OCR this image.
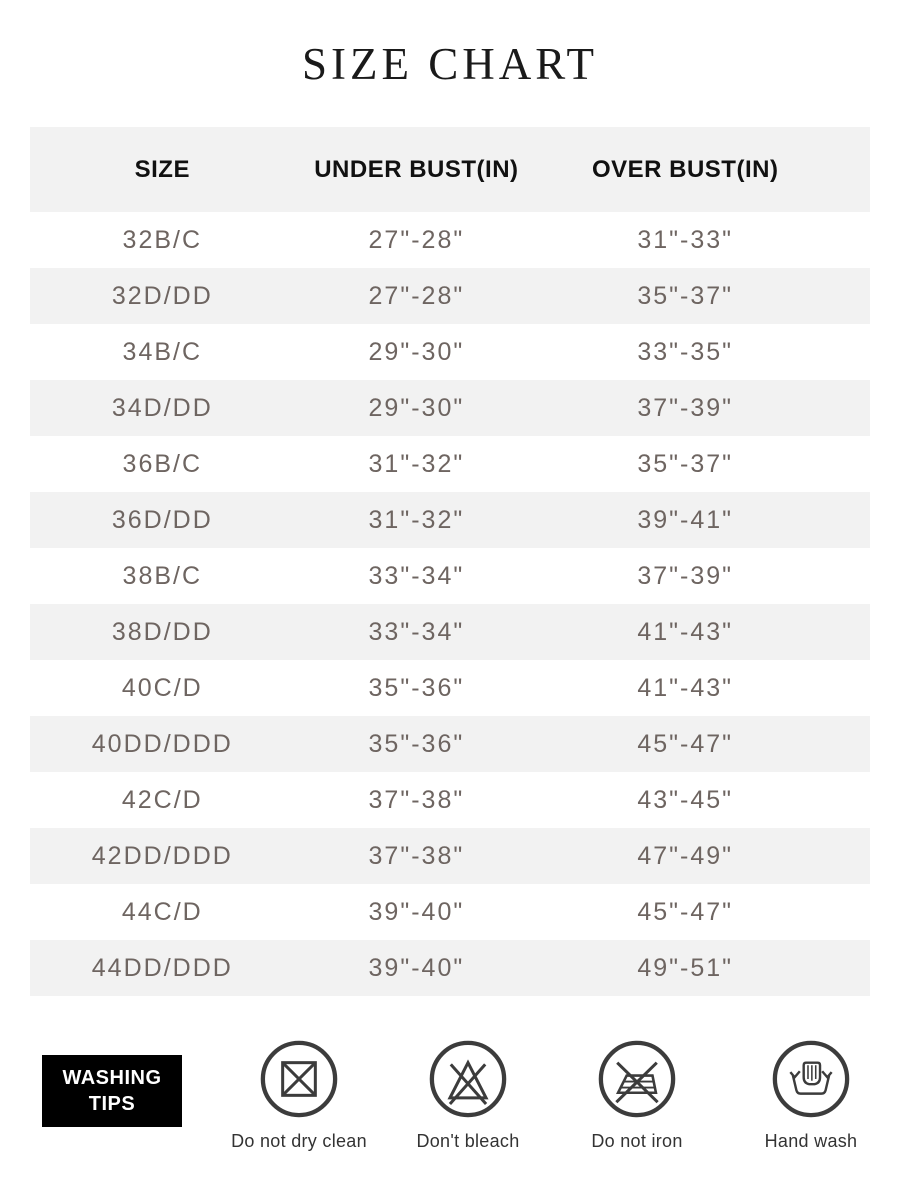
SIZE CHART
SIZE	UNDER BUST(IN)	OVER BUST(IN)
32B/C	27"-28"	31"-33"
32D/DD	27"-28"	35"-37"
34B/C	29"-30"	33"-35"
34D/DD	29"-30"	37"-39"
36B/C	31"-32"	35"-37"
36D/DD	31"-32"	39"-41"
38B/C	33"-34"	37"-39"
38D/DD	33"-34"	41"-43"
40C/D	35"-36"	41"-43"
40DD/DDD	35"-36"	45"-47"
42C/D	37"-38"	43"-45"
42DD/DDD	37"-38"	47"-49"
44C/D	39"-40"	45"-47"
44DD/DDD	39"-40"	49"-51"
WASHING
TIPS
Do not dry clean	Don't bleach	Do not iron	Hand wash
